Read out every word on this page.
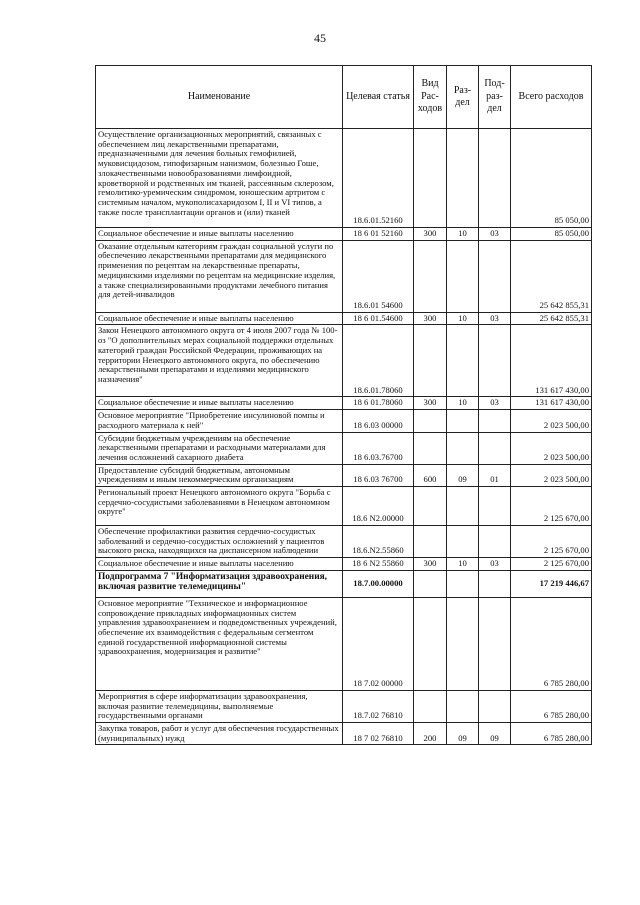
45
Наименование	Целевая статья	Вид Рас- ходов	Раз- дел	Под- раз- дел	Всего расходов
Осуществление организационных мероприятий, связанных с обеспечением лиц лекарственными препаратами, предназначенными для лечения больных гемофилией, муковисцидозом, гипофизарным нанизмом, болезнью Гоше, злокачественными новообразованиями лимфоидной, кроветворной и родственных им тканей, рассеянным склерозом, гемолитико-уремическим синдромом, юношеским артритом с системным началом, мукополисахаридозом I, II и VI типов, а также после трансплантации органов и (или) тканей	18.6.01.52160				85 050,00
Социальное обеспечение и иные выплаты населению	18 6 01 52160	300	10	03	85 050,00
Оказание отдельным категориям граждан социальной услуги по обеспечению лекарственными препаратами для медицинского применения по рецептам на лекарственные препараты, медицинскими изделиями по рецептам на медицинские изделия, а также специализированными продуктами лечебного питания для детей-инвалидов	18.6.01 54600				25 642 855,31
Социальное обеспечение и иные выплаты населению	18 6 01.54600	300	10	03	25 642 855,31
Закон Ненецкого автономного округа от 4 июля 2007 года № 100-оз "О дополнительных мерах социальной поддержки отдельных категорий граждан Российской Федерации, проживающих на территории Ненецкого автономного округа, по обеспечению лекарственными препаратами и изделиями медицинского назначения"	18.6.01.78060				131 617 430,00
Социальное обеспечение и иные выплаты населению	18 6 01.78060	300	10	03	131 617 430,00
Основное мероприятие "Приобретение инсулиновой помпы и расходного материала к ней"	18 6.03 00000				2 023 500,00
Субсидии бюджетным учреждениям на обеспечение лекарственными препаратами и расходными материалами для лечения осложнений сахарного диабета	18 6.03.76700				2 023 500,00
Предоставление субсидий бюджетным, автономным учреждениям и иным некоммерческим организациям	18 6.03 76700	600	09	01	2 023 500,00
Региональный проект Ненецкого автономного округа "Борьба с сердечно-сосудистыми заболеваниями в Ненецком автономном округе"	18.6 N2.00000				2 125 670,00
Обеспечение профилактики развития сердечно-сосудистых заболеваний и сердечно-сосудистых осложнений у пациентов высокого риска, находящихся на диспансерном наблюдении	18.6.N2.55860				2 125 670,00
Социальное обеспечение и иные выплаты населению	18 6 N2 55860	300	10	03	2 125 670,00
Подпрограмма 7 "Информатизация здравоохранения, включая развитие телемедицины"	18.7.00.00000				17 219 446,67
Основное мероприятие "Техническое и информационное сопровождение прикладных информационных систем управления здравоохранением и подведомственных учреждений, обеспечение их взаимодействия с федеральным сегментом единой государственной информационной системы здравоохранения, модернизация и развитие"	18 7.02 00000				6 785 280,00
Мероприятия в сфере информатизации здравоохранения, включая развитие телемедицины, выполняемые государственными органами	18.7.02 76810				6 785 280,00
Закупка товаров, работ и услуг для обеспечения государственных (муниципальных) нужд	18 7 02 76810	200	09	09	6 785 280,00
